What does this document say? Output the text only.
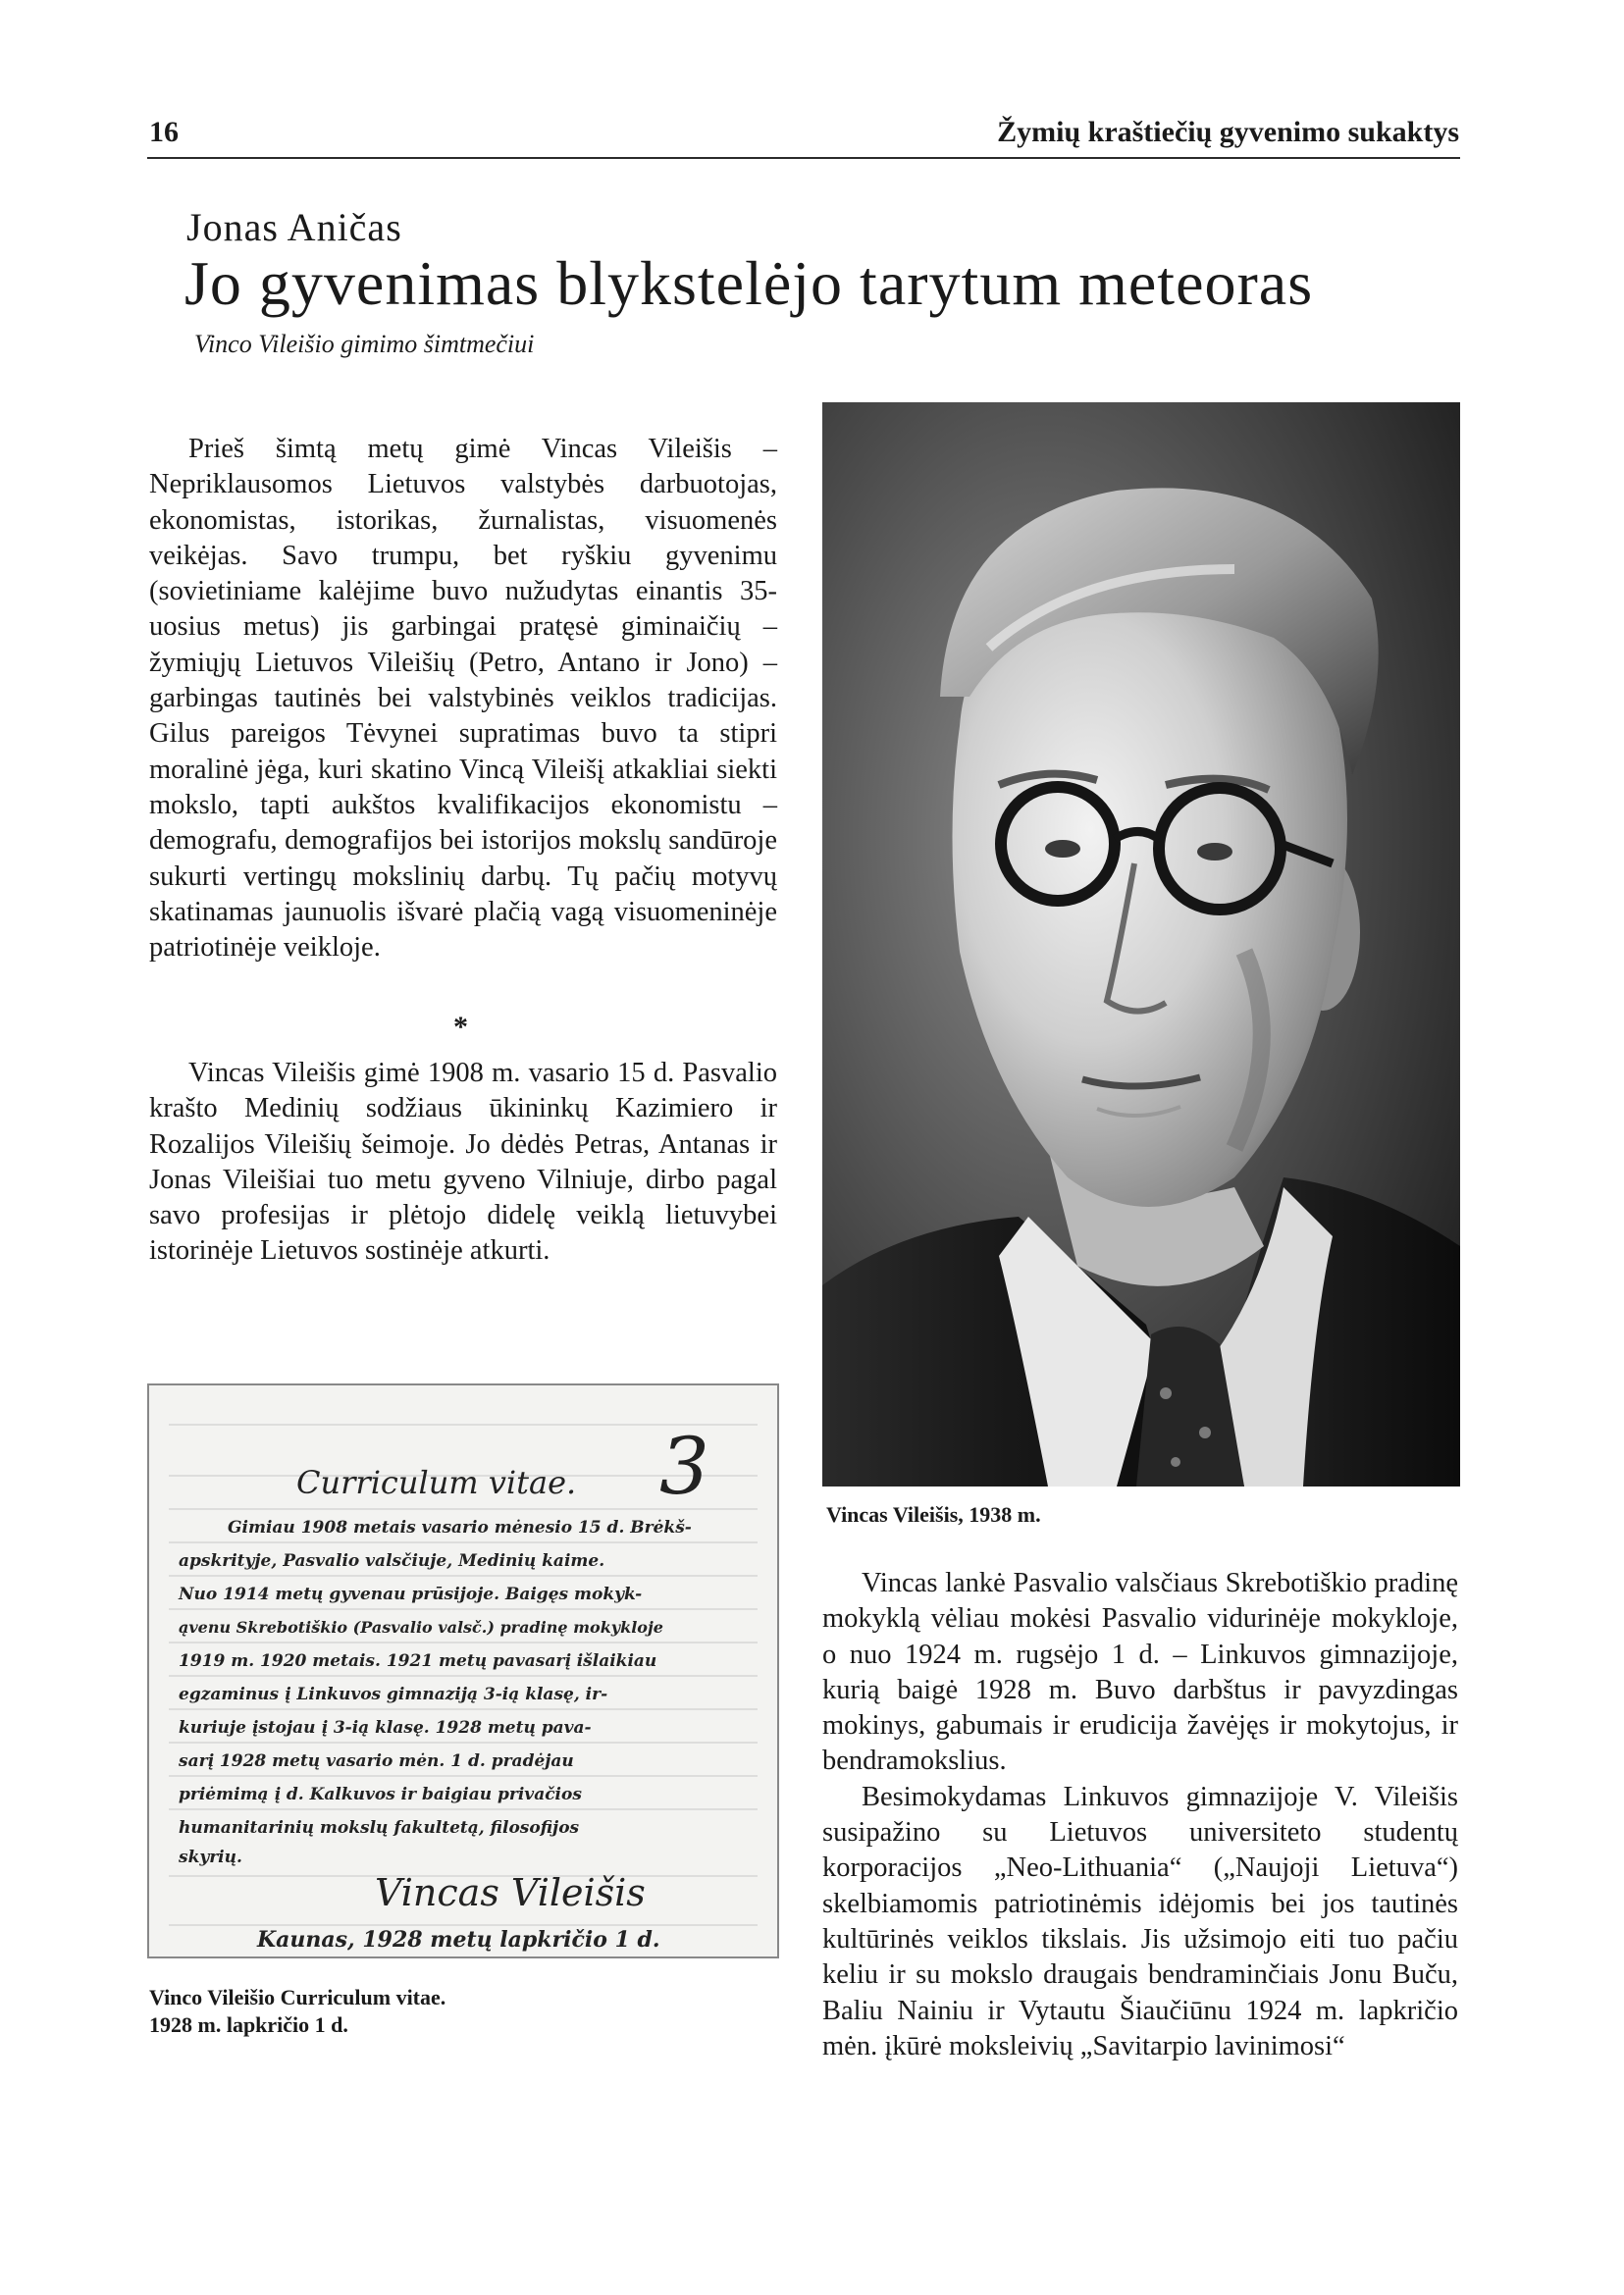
16	Žymių kraštiečių gyvenimo sukaktys
Jonas Aničas
Jo gyvenimas blykstelėjo tarytum meteoras
Vinco Vileišio gimimo šimtmečiui

Prieš šimtą metų gimė Vincas Vileišis – Nepriklausomos Lietuvos valstybės darbuotojas, ekonomistas, istorikas, žurnalistas, visuomenės veikėjas. Savo trumpu, bet ryškiu gyvenimu (sovietiniame kalėjime buvo nužudytas einantis 35-uosius metus) jis garbingai pratęsė giminaičių – žymiųjų Lietuvos Vileišių (Petro, Antano ir Jono) – garbingas tautinės bei valstybinės veiklos tradicijas. Gilus pareigos Tėvynei supratimas buvo ta stipri moralinė jėga, kuri skatino Vincą Vileišį atkakliai siekti mokslo, tapti aukštos kvalifikacijos ekonomistu – demografu, demografijos bei istorijos mokslų sandūroje sukurti vertingų mokslinių darbų. Tų pačių motyvų skatinamas jaunuolis išvarė plačią vagą visuomeninėje patriotinėje veikloje.

*

Vincas Vileišis gimė 1908 m. vasario 15 d. Pasvalio krašto Medinių sodžiaus ūkininkų Kazimiero ir Rozalijos Vileišių šeimoje. Jo dėdės Petras, Antanas ir Jonas Vileišiai tuo metu gyveno Vilniuje, dirbo pagal savo profesijas ir plėtojo didelę veiklą lietuvybei istorinėje Lietuvos sostinėje atkurti.

Vincas Vileišis, 1938 m.
Curriculum vitae. 3
Gimiau 1908 metais vasario mėnesio 15 d. Brėkš-
apskrityje, Pasvalio valsčiuje, Medinių kaime.
Nuo 1914 metų gyvenau prūsijoje. Baigęs mokyk-
ąvenu Skrebotiškio (Pasvalio valsč.) pradinę mokykloje
1919 m. 1920 metais. 1921 metų pavasarį išlaikiau
egzaminus į Linkuvos gimnaziją 3-ią klasę, ir-
kuriuje įstojau į 3-ią klasę. 1928 metų pava-
sarį 1928 metų vasario mėn. 1 d. pradėjau
priėmimą į d. Kalkuvos ir baigiau privačios
humanitarinių mokslų fakultetą, filosofijos
skyrių.
Vincas Vileišis
Kaunas, 1928 metų lapkričio 1 d.
Vinco Vileišio Curriculum vitae.
1928 m. lapkričio 1 d.

Vincas lankė Pasvalio valsčiaus Skrebotiškio pradinę mokyklą vėliau mokėsi Pasvalio vidurinėje mokykloje, o nuo 1924 m. rugsėjo 1 d. – Linkuvos gimnazijoje, kurią baigė 1928 m. Buvo darbštus ir pavyzdingas mokinys, gabumais ir erudicija žavėjęs ir mokytojus, ir bendramokslius.

Besimokydamas Linkuvos gimnazijoje V. Vileišis susipažino su Lietuvos universiteto studentų korporacijos „Neo-Lithuania“ („Naujoji Lietuva“) skelbiamomis patriotinėmis idėjomis bei jos tautinės kultūrinės veiklos tikslais. Jis užsimojo eiti tuo pačiu keliu ir su mokslo draugais bendraminčiais Jonu Buču, Baliu Nainiu ir Vytautu Šiaučiūnu 1924 m. lapkričio mėn. įkūrė moksleivių „Savitarpio lavinimosi“
